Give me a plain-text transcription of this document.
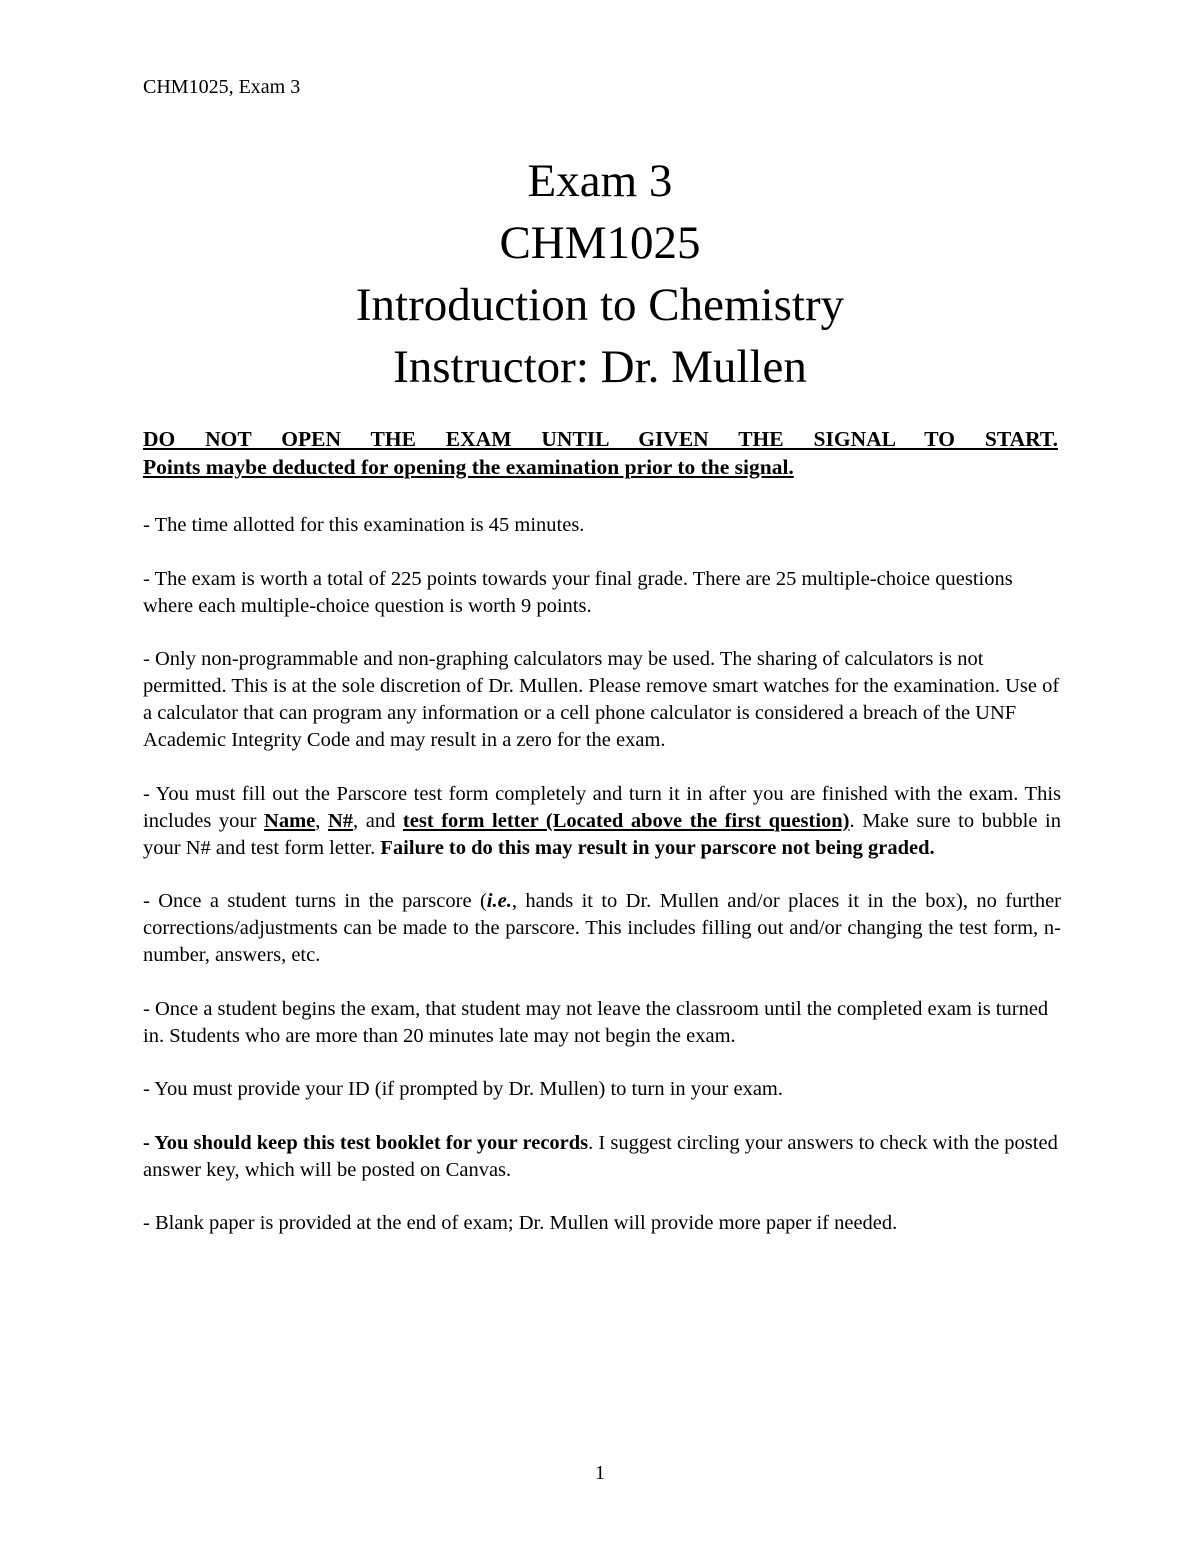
CHM1025, Exam 3
Exam 3
CHM1025
Introduction to Chemistry
Instructor: Dr. Mullen
DO NOT OPEN THE EXAM UNTIL GIVEN THE SIGNAL TO START.
Points maybe deducted for opening the examination prior to the signal.

- The time allotted for this examination is 45 minutes.

- The exam is worth a total of 225 points towards your final grade. There are 25 multiple-choice questions where each multiple-choice question is worth 9 points.

- Only non-programmable and non-graphing calculators may be used. The sharing of calculators is not permitted. This is at the sole discretion of Dr. Mullen. Please remove smart watches for the examination. Use of a calculator that can program any information or a cell phone calculator is considered a breach of the UNF Academic Integrity Code and may result in a zero for the exam.

- You must fill out the Parscore test form completely and turn it in after you are finished with the exam. This includes your Name, N#, and test form letter (Located above the first question). Make sure to bubble in your N# and test form letter. Failure to do this may result in your parscore not being graded.

- Once a student turns in the parscore (i.e., hands it to Dr. Mullen and/or places it in the box), no further corrections/adjustments can be made to the parscore. This includes filling out and/or changing the test form, n-number, answers, etc.

- Once a student begins the exam, that student may not leave the classroom until the completed exam is turned in. Students who are more than 20 minutes late may not begin the exam.

- You must provide your ID (if prompted by Dr. Mullen) to turn in your exam.

- You should keep this test booklet for your records. I suggest circling your answers to check with the posted answer key, which will be posted on Canvas.

- Blank paper is provided at the end of exam; Dr. Mullen will provide more paper if needed.

1
